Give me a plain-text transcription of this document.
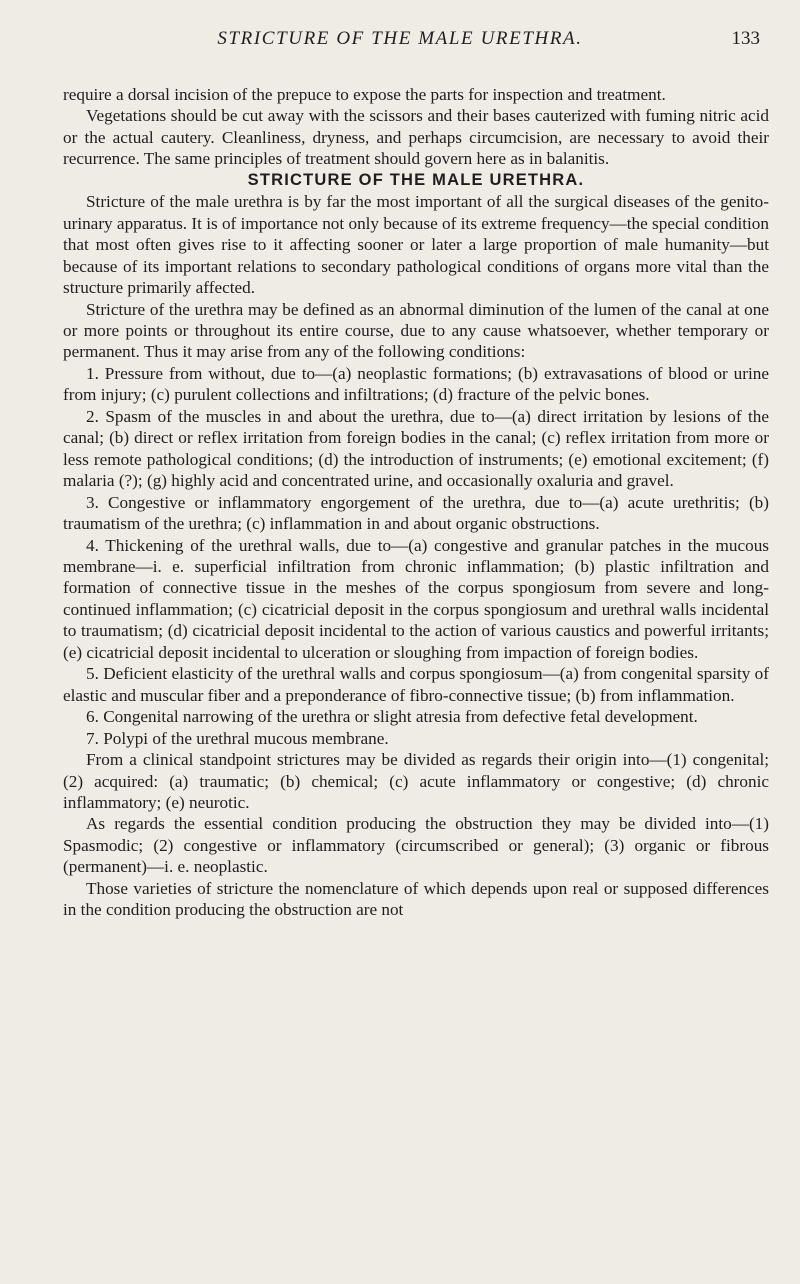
STRICTURE OF THE MALE URETHRA.	133

require a dorsal incision of the prepuce to expose the parts for inspection and treatment.

Vegetations should be cut away with the scissors and their bases cauterized with fuming nitric acid or the actual cautery. Cleanliness, dryness, and perhaps circumcision, are necessary to avoid their recurrence. The same principles of treatment should govern here as in balanitis.

STRICTURE OF THE MALE URETHRA.

Stricture of the male urethra is by far the most important of all the surgical diseases of the genito-urinary apparatus. It is of importance not only because of its extreme frequency—the special condition that most often gives rise to it affecting sooner or later a large proportion of male humanity—but because of its important relations to secondary pathological conditions of organs more vital than the structure primarily affected.

Stricture of the urethra may be defined as an abnormal diminution of the lumen of the canal at one or more points or throughout its entire course, due to any cause whatsoever, whether temporary or permanent. Thus it may arise from any of the following conditions:

1. Pressure from without, due to—(a) neoplastic formations; (b) extravasations of blood or urine from injury; (c) purulent collections and infiltrations; (d) fracture of the pelvic bones.

2. Spasm of the muscles in and about the urethra, due to—(a) direct irritation by lesions of the canal; (b) direct or reflex irritation from foreign bodies in the canal; (c) reflex irritation from more or less remote pathological conditions; (d) the introduction of instruments; (e) emotional excitement; (f) malaria (?); (g) highly acid and concentrated urine, and occasionally oxaluria and gravel.

3. Congestive or inflammatory engorgement of the urethra, due to—(a) acute urethritis; (b) traumatism of the urethra; (c) inflammation in and about organic obstructions.

4. Thickening of the urethral walls, due to—(a) congestive and granular patches in the mucous membrane—i. e. superficial infiltration from chronic inflammation; (b) plastic infiltration and formation of connective tissue in the meshes of the corpus spongiosum from severe and long-continued inflammation; (c) cicatricial deposit in the corpus spongiosum and urethral walls incidental to traumatism; (d) cicatricial deposit incidental to the action of various caustics and powerful irritants; (e) cicatricial deposit incidental to ulceration or sloughing from impaction of foreign bodies.

5. Deficient elasticity of the urethral walls and corpus spongiosum—(a) from congenital sparsity of elastic and muscular fiber and a preponderance of fibro-connective tissue; (b) from inflammation.

6. Congenital narrowing of the urethra or slight atresia from defective fetal development.

7. Polypi of the urethral mucous membrane.

From a clinical standpoint strictures may be divided as regards their origin into—(1) congenital; (2) acquired: (a) traumatic; (b) chemical; (c) acute inflammatory or congestive; (d) chronic inflammatory; (e) neurotic.

As regards the essential condition producing the obstruction they may be divided into—(1) Spasmodic; (2) congestive or inflammatory (circumscribed or general); (3) organic or fibrous (permanent)—i. e. neoplastic.

Those varieties of stricture the nomenclature of which depends upon real or supposed differences in the condition producing the obstruction are not
